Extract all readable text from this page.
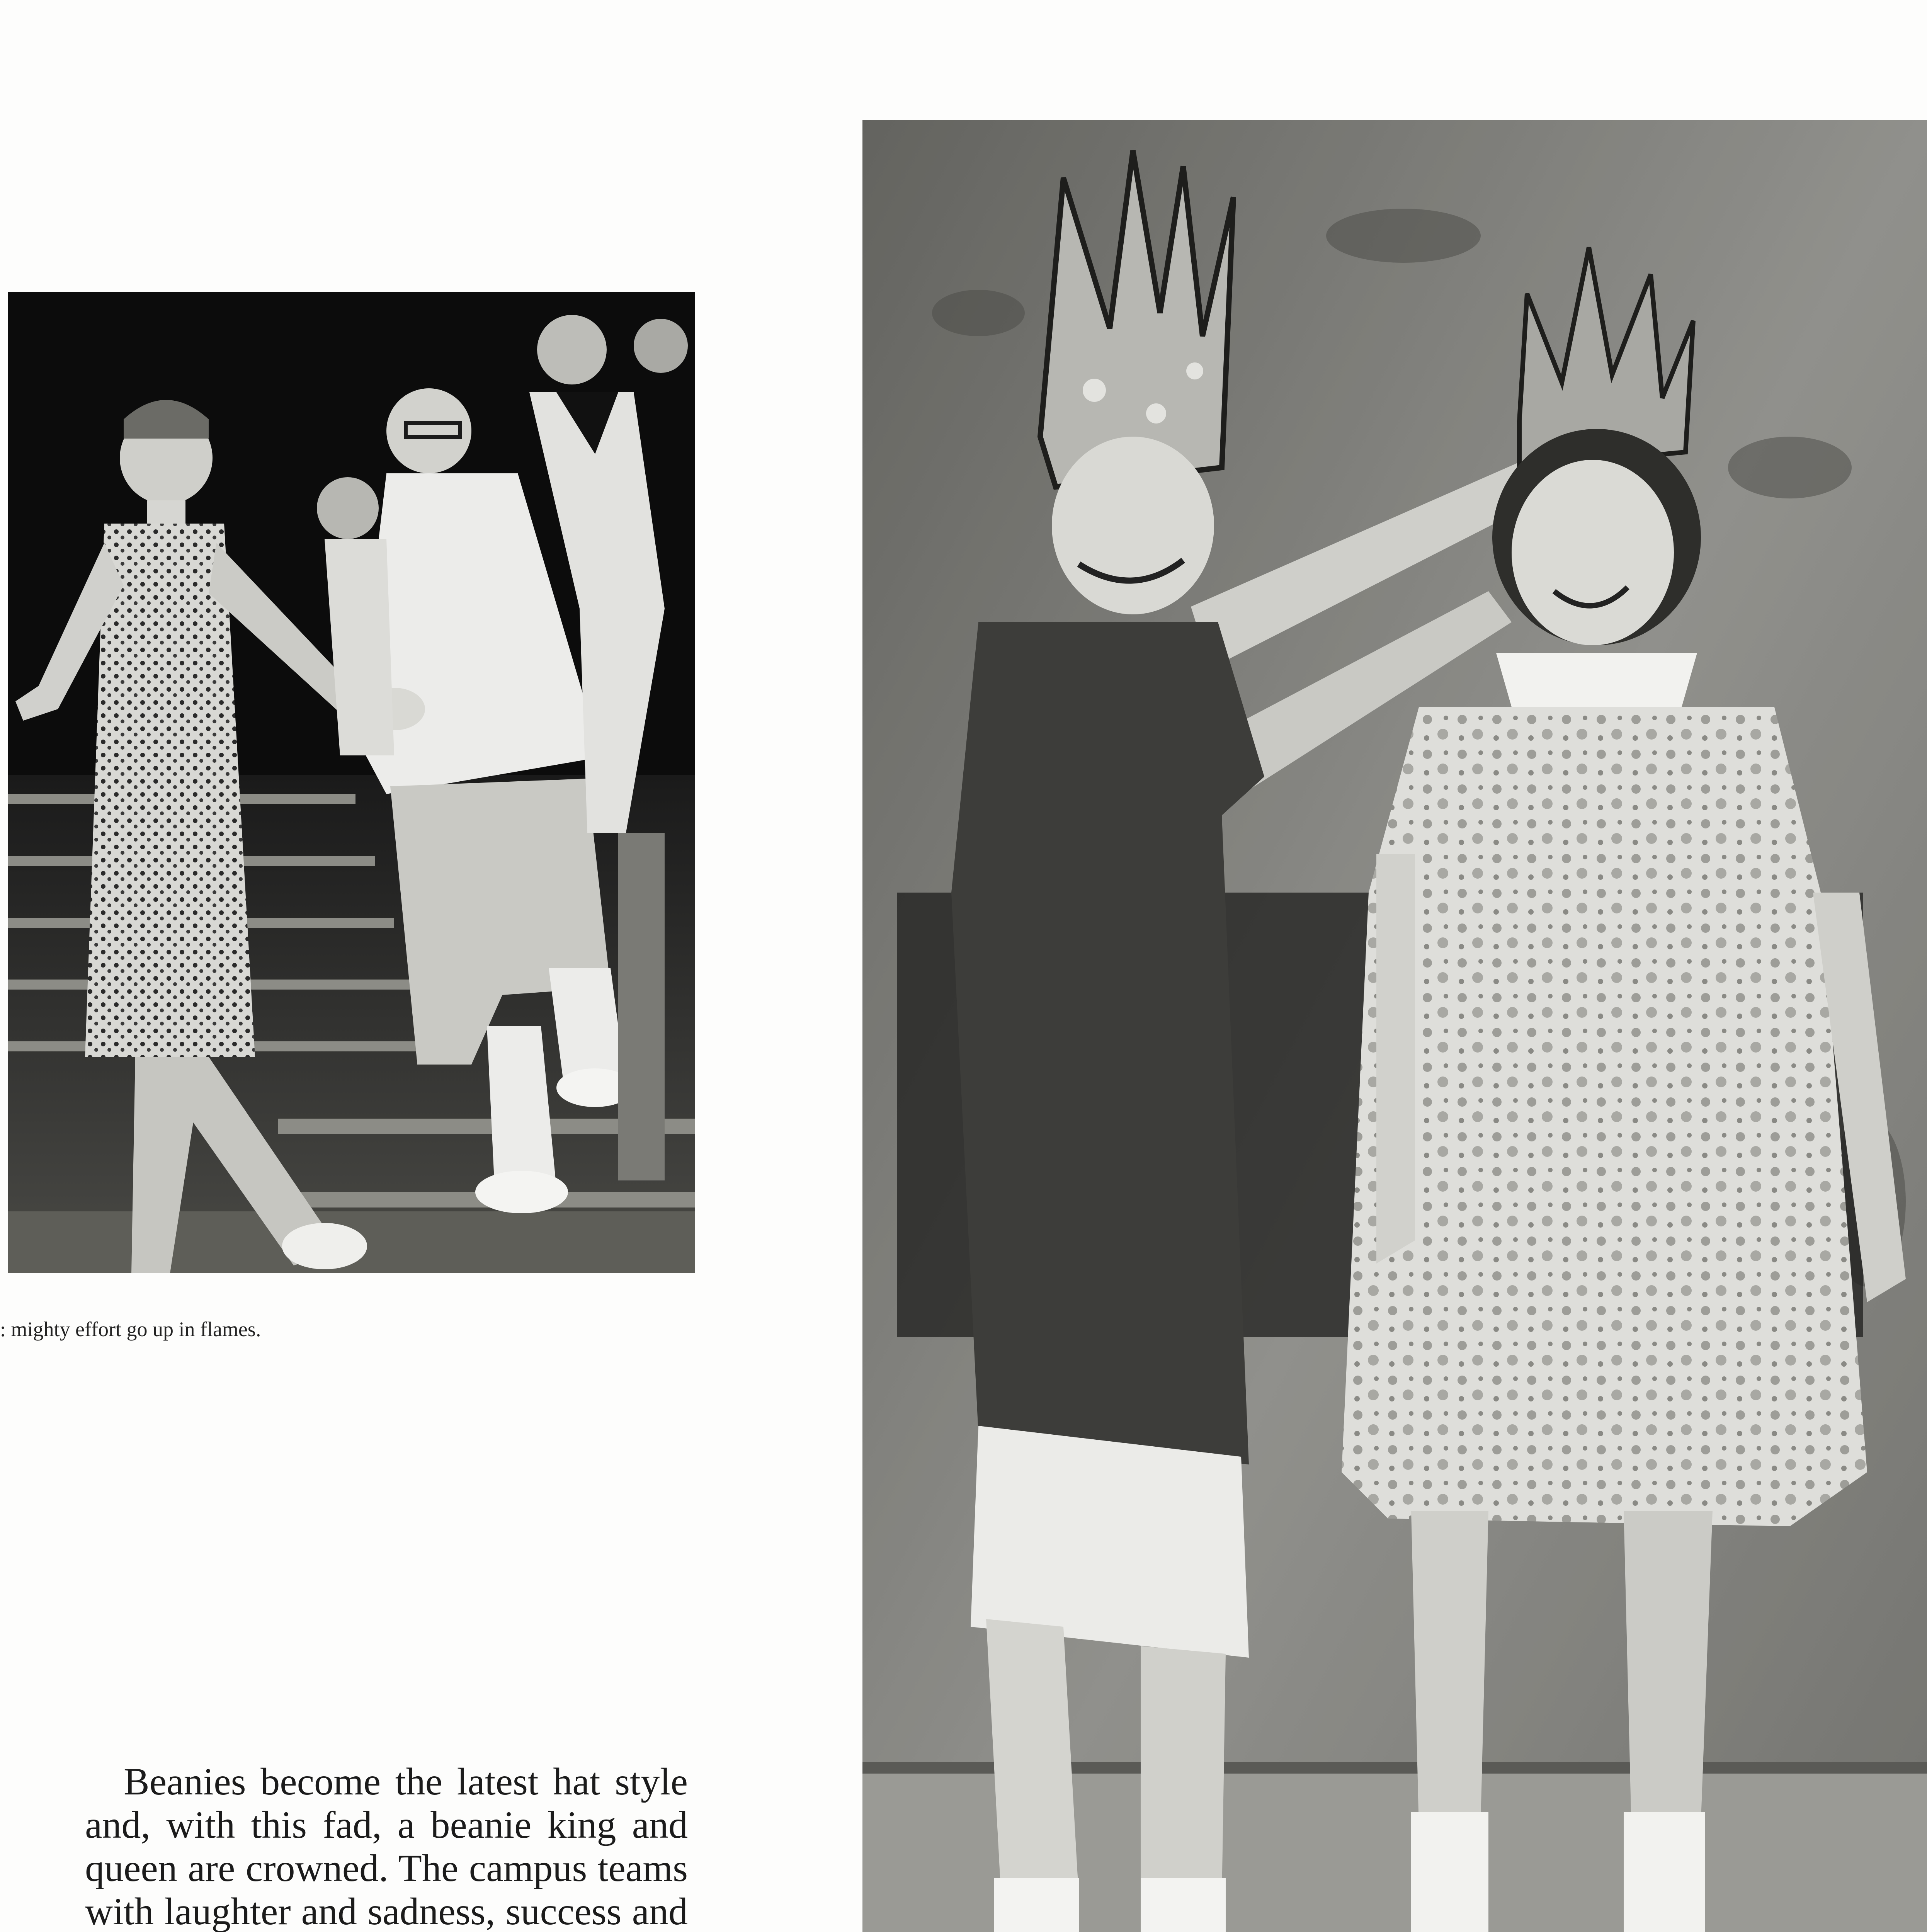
: mighty effort go up in flames.
Beanies become the latest hat style and, with this fad, a beanie king and queen are crowned. The campus teams with laughter and sadness, success and
